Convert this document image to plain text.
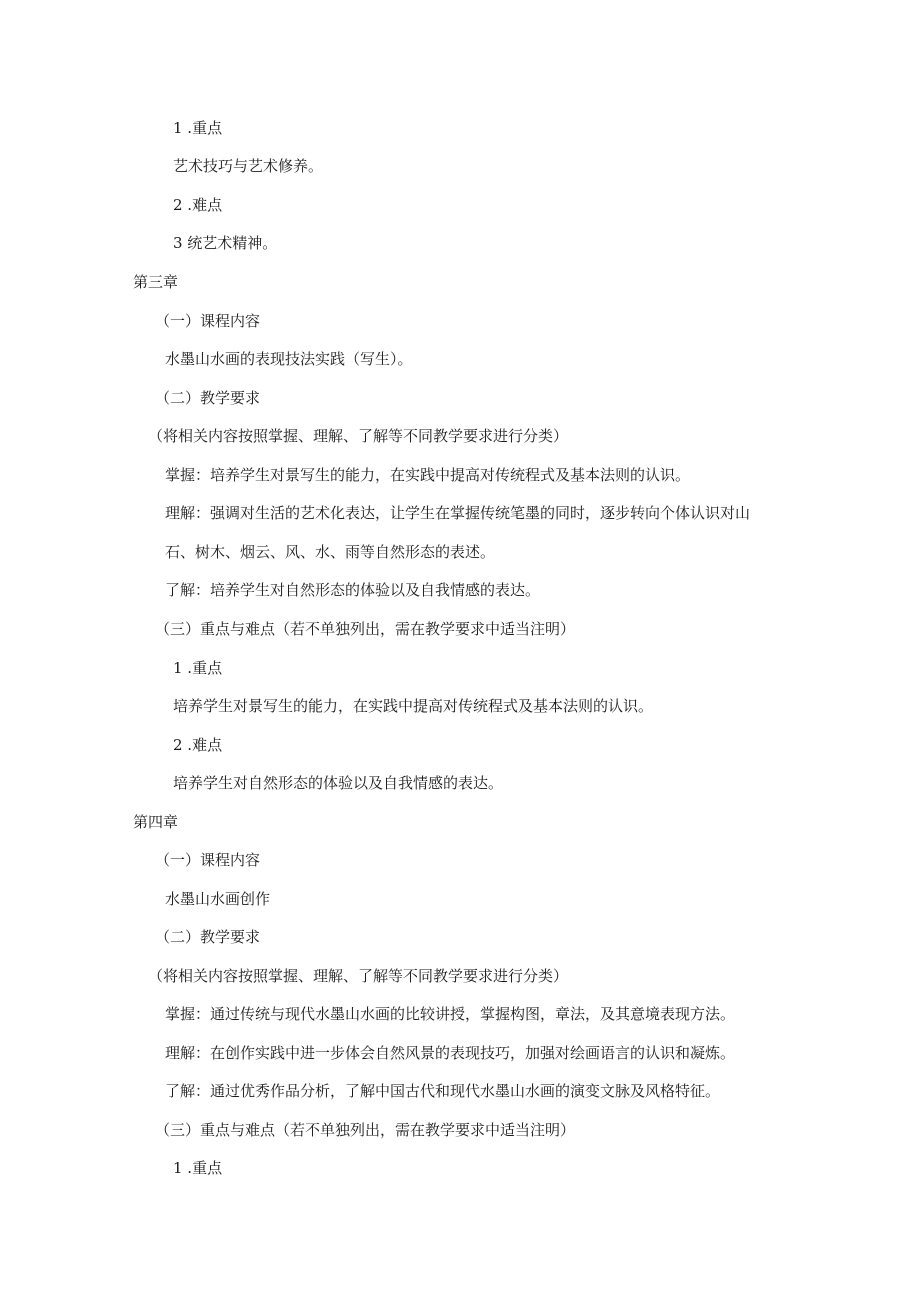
1 .重点
艺术技巧与艺术修养。
2 .难点
3 统艺术精神。
第三章
（一）课程内容
水墨山水画的表现技法实践（写生）。
（二）教学要求
（将相关内容按照掌握、理解、了解等不同教学要求进行分类）
掌握：培养学生对景写生的能力，在实践中提高对传统程式及基本法则的认识。
理解：强调对生活的艺术化表达，让学生在掌握传统笔墨的同时，逐步转向个体认识对山
石、树木、烟云、风、水、雨等自然形态的表述。
了解：培养学生对自然形态的体验以及自我情感的表达。
（三）重点与难点（若不单独列出，需在教学要求中适当注明）
1 .重点
培养学生对景写生的能力，在实践中提高对传统程式及基本法则的认识。
2 .难点
培养学生对自然形态的体验以及自我情感的表达。
第四章
（一）课程内容
水墨山水画创作
（二）教学要求
（将相关内容按照掌握、理解、了解等不同教学要求进行分类）
掌握：通过传统与现代水墨山水画的比较讲授，掌握构图，章法，及其意境表现方法。
理解：在创作实践中进一步体会自然风景的表现技巧，加强对绘画语言的认识和凝炼。
了解：通过优秀作品分析，了解中国古代和现代水墨山水画的演变文脉及风格特征。
（三）重点与难点（若不单独列出，需在教学要求中适当注明）
1 .重点
